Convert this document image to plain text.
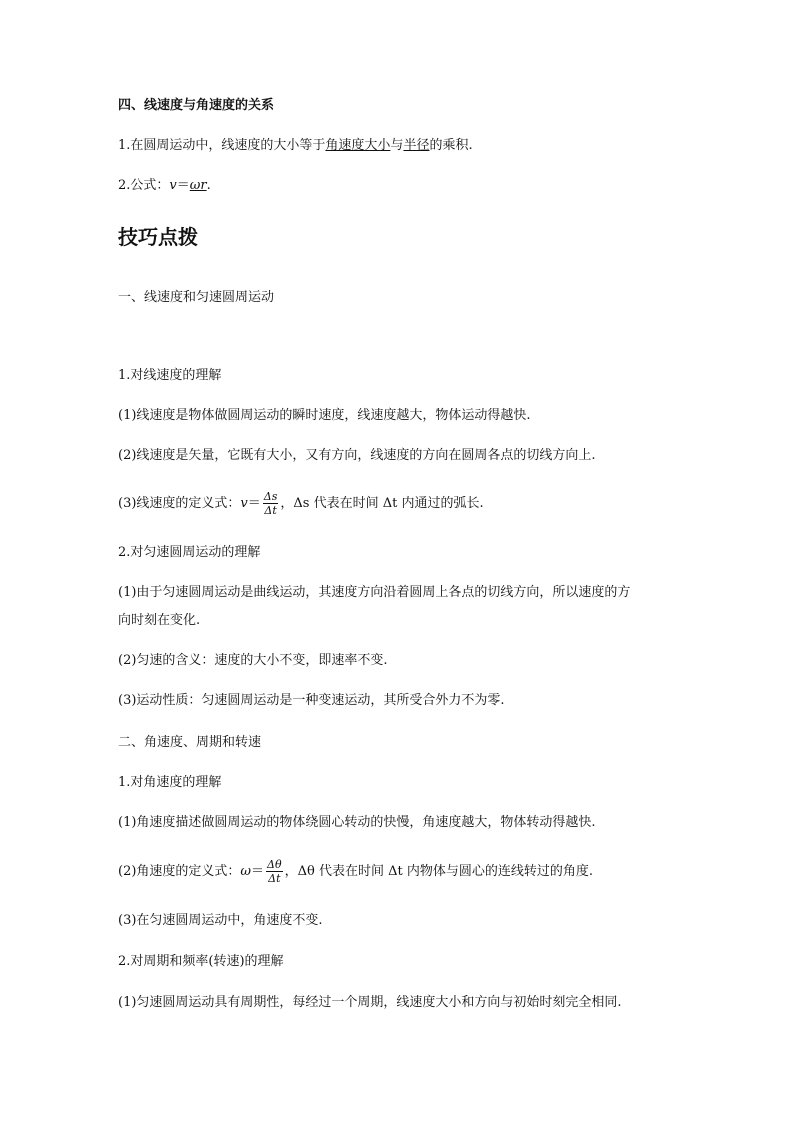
四、线速度与角速度的关系
1.在圆周运动中，线速度的大小等于角速度大小与半径的乘积.
2.公式：v＝ωr.
技巧点拨
一、线速度和匀速圆周运动
1.对线速度的理解
(1)线速度是物体做圆周运动的瞬时速度，线速度越大，物体运动得越快.
(2)线速度是矢量，它既有大小，又有方向，线速度的方向在圆周各点的切线方向上.
(3)线速度的定义式：$v= \frac{\Delta s}{\Delta t}$ ，Δs 代表在时间 Δt 内通过的弧长.
2.对匀速圆周运动的理解
(1)由于匀速圆周运动是曲线运动，其速度方向沿着圆周上各点的切线方向，所以速度的方
向时刻在变化.
(2)匀速的含义：速度的大小不变，即速率不变.
(3)运动性质：匀速圆周运动是一种变速运动，其所受合外力不为零.
二、角速度、周期和转速
1.对角速度的理解
(1)角速度描述做圆周运动的物体绕圆心转动的快慢，角速度越大，物体转动得越快.
(2)角速度的定义式：$\omega= \frac{\Delta\theta}{\Delta t}$ ，Δθ 代表在时间 Δt 内物体与圆心的连线转过的角度.
(3)在匀速圆周运动中，角速度不变.
2.对周期和频率(转速)的理解
(1)匀速圆周运动具有周期性，每经过一个周期，线速度大小和方向与初始时刻完全相同.
